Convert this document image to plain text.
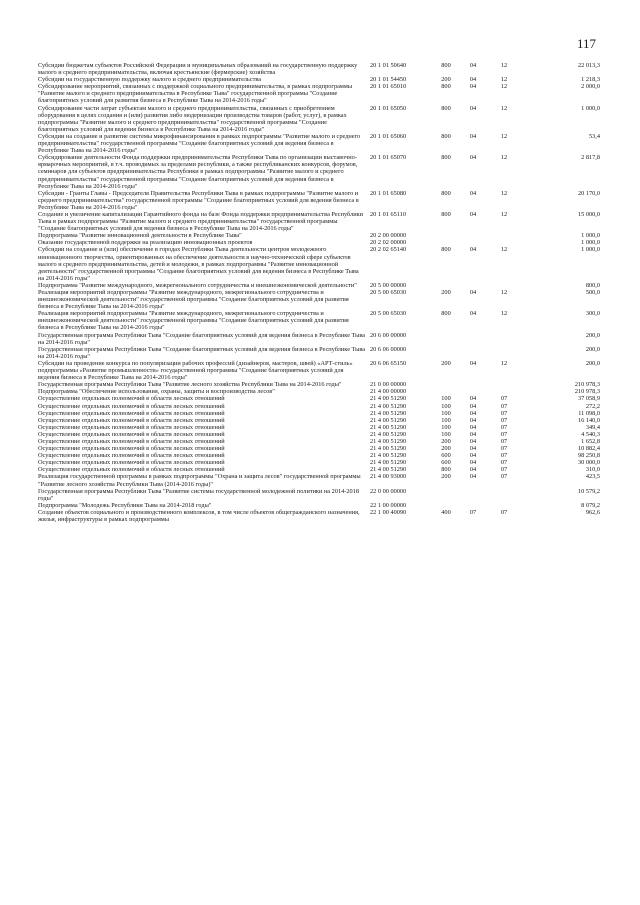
117
Субсидии бюджетам субъектов Российской Федерации и муниципальных образований на государственную поддержку малого и среднего предпринимательства, включая крестьянские (фермерские) хозяйства
20 1 01 50640	800	04	12	22 013,3
Субсидии на государственную поддержку малого и среднего предпринимательства	20 1 01 54450	200	04	12	1 218,3
Субсидирование мероприятий, связанных с поддержкой социального предпринимательства, в рамках подпрограммы "Развитие малого и среднего предпринимательства в Республике Тыва" государственной программы "Создание благоприятных условий для развития бизнеса в Республике Тыва на 2014-2016 годы"
20 1 01 65010	800	04	12	2 000,0
Субсидирование части затрат субъектам малого и среднего предпринимательства, связанных с приобретением оборудования в целях создания и (или) развития либо модернизации производства товаров (работ, услуг), в рамках подпрограммы "Развитие малого и среднего предпринимательства" государственной программы "Создание благоприятных условий для ведения бизнеса в Республике Тыва на 2014-2016 годы"
20 1 01 65050	800	04	12	1 000,0
Субсидии на создание и развитие системы микрофинансирования в рамках подпрограммы "Развитие малого и среднего предпринимательства" государственной программы "Создание благоприятных условий для ведения бизнеса в Республике Тыва на 2014-2016 годы"
20 1 01 65060	800	04	12	53,4
Субсидирование деятельности Фонда поддержки предпринимательства Республики Тыва по организации выставочно-ярмарочных мероприятий, в т.ч. проводимых за пределами республики, а также республиканских конкурсов, форумов, семинаров для субъектов предпринимательства Республики в рамках подпрограммы "Развитие малого и среднего предпринимательства" государственной программы "Создание благоприятных условий для ведения бизнеса в Республике Тыва на 2014-2016 годы"
20 1 01 65070	800	04	12	2 817,8
Субсидии - Гранты Главы - Председателя Правительства Республики Тыва в рамках подпрограммы "Развитие малого и среднего предпринимательства" государственной программы "Создание благоприятных условий для ведения бизнеса в Республике Тыва на 2014-2016 годы"
20 1 01 65080	800	04	12	20 170,0
Создание и увеличение капитализации Гарантийного фонда на базе Фонда поддержки предпринимательства Республики Тыва в рамках подпрограммы "Развитие малого и среднего предпринимательства" государственной программы "Создание благоприятных условий для ведения бизнеса в Республике Тыва на 2014-2016 годы"
20 1 01 65110	800	04	12	15 000,0
Подпрограмма "Развитие инновационной деятельности в Республике Тыва"	20 2 00 00000	1 000,0
Оказание государственной поддержки на реализацию инновационных проектов	20 2 02 00000	1 000,0
Субсидии на создание и (или) обеспечение в городах Республики Тыва деятельности центров молодежного инновационного творчества, ориентированных на обеспечение деятельности в научно-технической сфере субъектов малого и среднего предпринимательства, детей и молодежи, в рамках подпрограммы "Развитие инновационной деятельности" государственной программы "Создание благоприятных условий для ведения бизнеса в Республике Тыва на 2014-2016 годы"
20 2 02 65140	800	04	12	1 000,0
Подпрограмма "Развитие международного, межрегионального сотрудничества и внешнеэкономической деятельности"	20 5 00 00000	800,0
Реализация мероприятий подпрограммы "Развитие международного, межрегионального сотрудничества и внешнеэкономической деятельности" государственной программы "Создание благоприятных условий для развития бизнеса в Республике Тыва на 2014-2016 годы"
20 5 00 65030	200	04	12	500,0
Реализация мероприятий подпрограммы "Развитие международного, межрегионального сотрудничества и внешнеэкономической деятельности" государственной программы "Создание благоприятных условий для развития бизнеса в Республике Тыва на 2014-2016 годы"
20 5 00 65030	800	04	12	300,0
Государственная программа Республики Тыва "Создание благоприятных условий для ведения бизнеса в Республике Тыва на 2014-2016 годы"
20 6 00 00000	200,0
Государственная программа Республики Тыва "Создание благоприятных условий для ведения бизнеса в Республике Тыва на 2014-2016 годы"
20 6 06 00000	200,0
Субсидии на проведение конкурса по популяризации рабочих профессий (дизайнеров, мастеров, швей) «АРТ-стиль» подпрограммы «Развитие промышленности» государственной программы "Создание благоприятных условий для ведения бизнеса в Республике Тыва на 2014-2016 годы"
20 6 06 65150	200	04	12	200,0
Государственная программа Республики Тыва "Развитие лесного хозяйства Республики Тыва на 2014-2016 годы"	21 0 00 00000	210 978,3
Подпрограмма "Обеспечение использования, охраны, защиты и воспроизводства лесов"	21 4 00 00000	210 978,3
Осуществление отдельных полномочий в области лесных отношений	21 4 00 51290	100	04	07	37 058,9
Осуществление отдельных полномочий в области лесных отношений	21 4 00 51290	100	04	07	272,2
Осуществление отдельных полномочий в области лесных отношений	21 4 00 51290	100	04	07	11 098,0
Осуществление отдельных полномочий в области лесных отношений	21 4 00 51290	100	04	07	16 140,0
Осуществление отдельных полномочий в области лесных отношений	21 4 00 51290	100	04	07	349,4
Осуществление отдельных полномочий в области лесных отношений	21 4 00 51290	100	04	07	4 540,3
Осуществление отдельных полномочий в области лесных отношений	21 4 00 51290	200	04	07	1 652,8
Осуществление отдельных полномочий в области лесных отношений	21 4 00 51290	200	04	07	10 882,4
Осуществление отдельных полномочий в области лесных отношений	21 4 00 51290	600	04	07	98 250,8
Осуществление отдельных полномочий в области лесных отношений	21 4 00 51290	600	04	07	30 000,0
Осуществление отдельных полномочий в области лесных отношений	21 4 00 51290	800	04	07	310,0
Реализация государственной программы в рамках подпрограммы "Охрана и защита лесов" государственной программы "Развитие лесного хозяйства Республики Тыва (2014-2016 годы)"
21 4 00 93000	200	04	07	423,5
Государственная программа Республики Тыва "Развитие системы государственной молодежной политики на 2014-2018 годы"
22 0 00 00000	10 579,2
Подпрограмма "Молодежь Республики Тыва на 2014-2018 годы"	22 1 00 00000	8 079,2
Создание объектов социального и производственного комплексов, в том числе объектов общегражданского назначения, жилья, инфраструктуры в рамках подпрограммы
22 1 00 40090	400	07	07	962,6
